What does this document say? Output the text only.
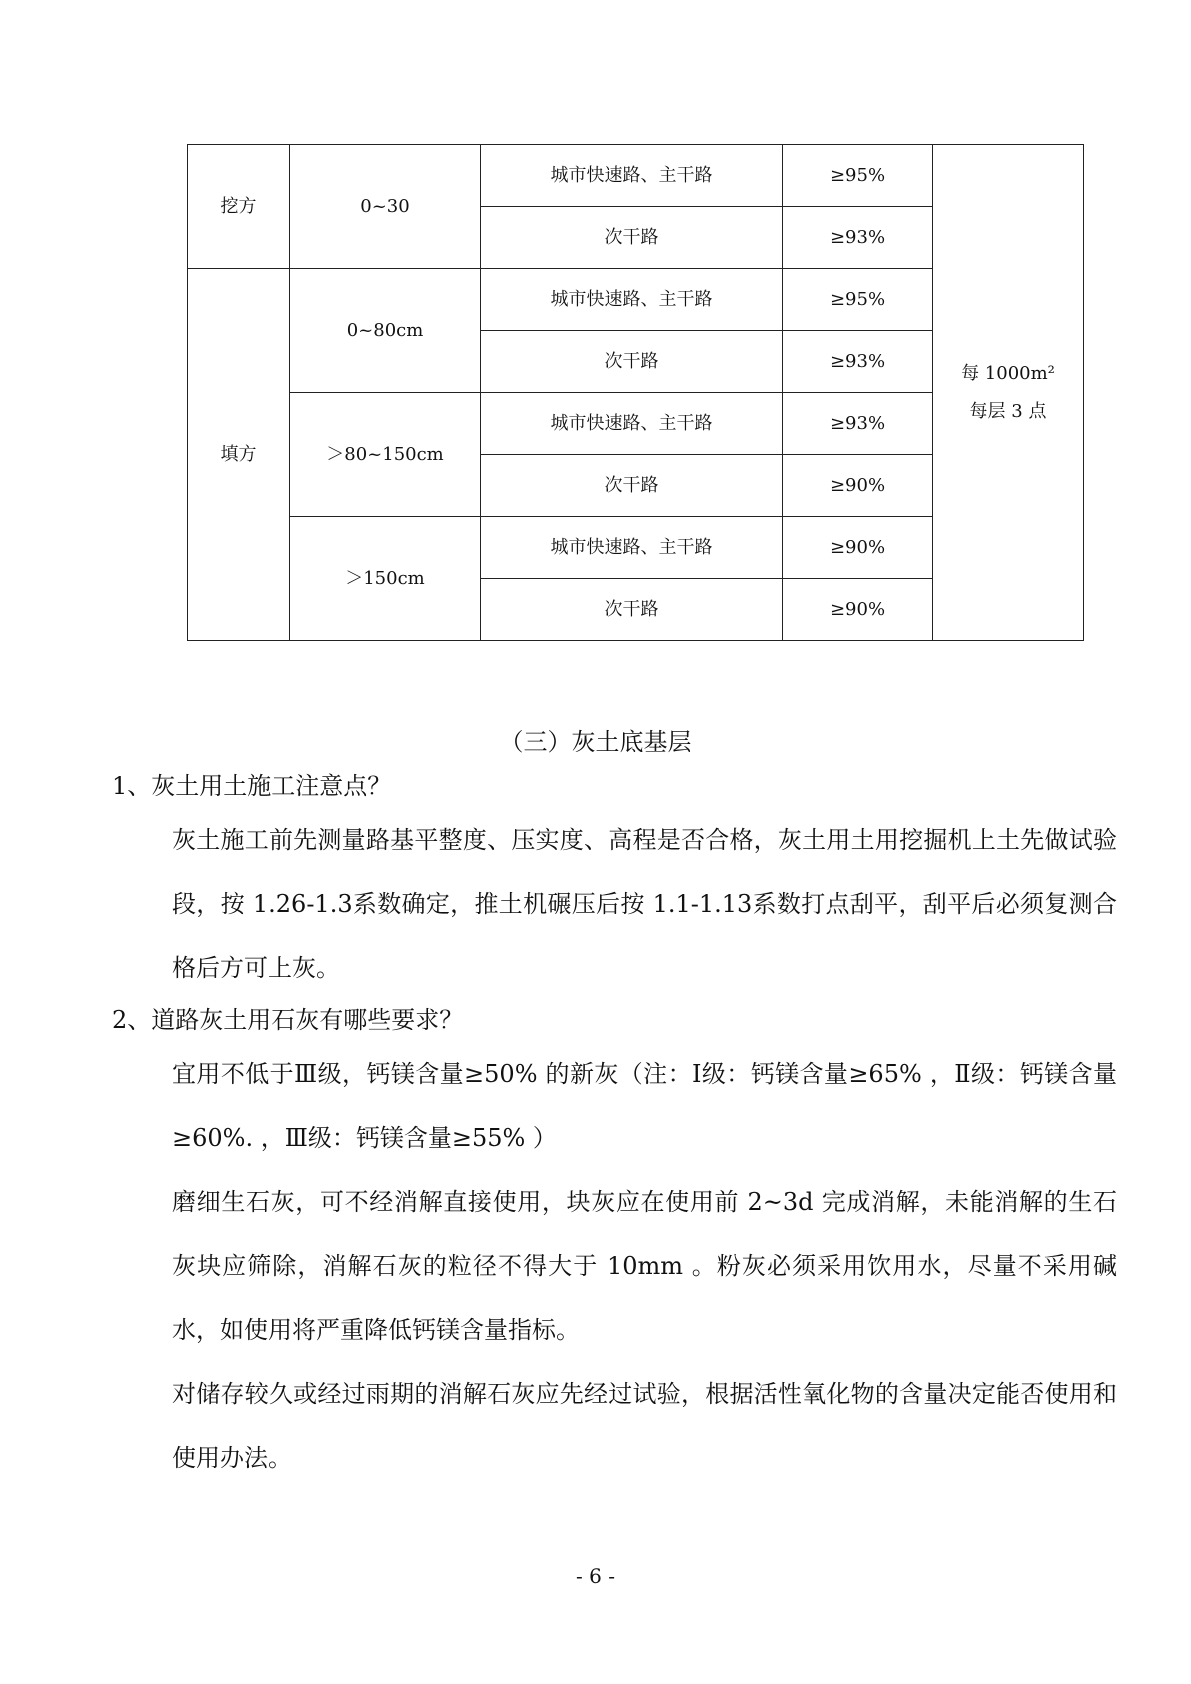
挖方	0~30	城市快速路、主干路	≥95%	每 1000m²
每层 3 点

		次干路	≥93%	
填方	0~80cm	城市快速路、主干路	≥95%	
		次干路	≥93%	
	＞80~150cm	城市快速路、主干路	≥93%	
		次干路	≥90%	
	＞150cm	城市快速路、主干路	≥90%	
		次干路	≥90%	
（三）灰土底基层
1、灰土用土施工注意点？
灰土施工前先测量路基平整度、压实度、高程是否合格，灰土用土用挖掘机上土先做试验段，按 1.26-1.3系数确定，推土机碾压后按 1.1-1.13系数打点刮平，刮平后必须复测合格后方可上灰。
2、道路灰土用石灰有哪些要求？
宜用不低于Ⅲ级，钙镁含量≥50% 的新灰（注：Ⅰ级：钙镁含量≥65% ，Ⅱ级：钙镁含量≥60%. ，Ⅲ级：钙镁含量≥55% ）
磨细生石灰，可不经消解直接使用，块灰应在使用前 2~3d 完成消解，未能消解的生石灰块应筛除，消解石灰的粒径不得大于 10mm 。粉灰必须采用饮用水，尽量不采用碱水，如使用将严重降低钙镁含量指标。
对储存较久或经过雨期的消解石灰应先经过试验，根据活性氧化物的含量决定能否使用和使用办法。
- 6 -
